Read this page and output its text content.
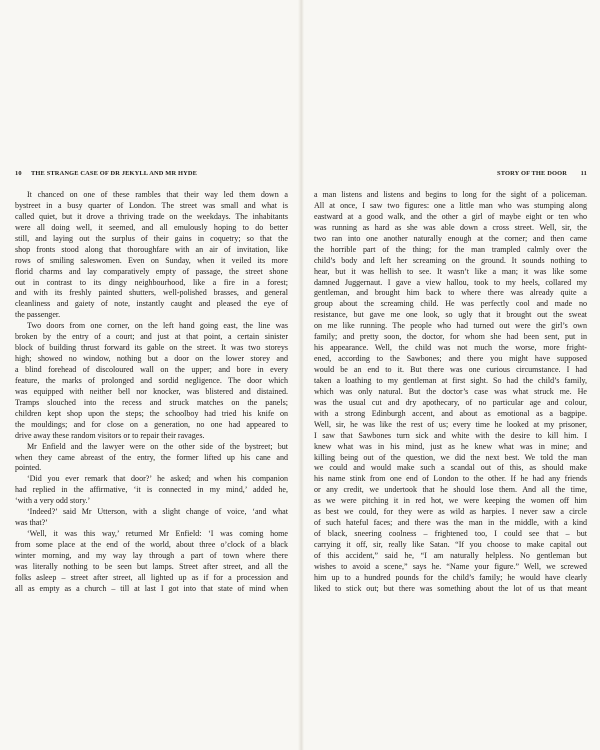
10 THE STRANGE CASE OF DR JEKYLL AND MR HYDE
It chanced on one of these rambles that their way led them down a
bystreet in a busy quarter of London. The street was small and what is
called quiet, but it drove a thriving trade on the weekdays. The inhabitants
were all doing well, it seemed, and all emulously hoping to do better
still, and laying out the surplus of their gains in coquetry; so that the
shop fronts stood along that thoroughfare with an air of invitation, like
rows of smiling saleswomen. Even on Sunday, when it veiled its more
florid charms and lay comparatively empty of passage, the street shone
out in contrast to its dingy neighbourhood, like a fire in a forest;
and with its freshly painted shutters, well-polished brasses, and general
cleanliness and gaiety of note, instantly caught and pleased the eye of
the passenger.
Two doors from one corner, on the left hand going east, the line was
broken by the entry of a court; and just at that point, a certain sinister
block of building thrust forward its gable on the street. It was two storeys
high; showed no window, nothing but a door on the lower storey and
a blind forehead of discoloured wall on the upper; and bore in every
feature, the marks of prolonged and sordid negligence. The door which
was equipped with neither bell nor knocker, was blistered and distained.
Tramps slouched into the recess and struck matches on the panels;
children kept shop upon the steps; the schoolboy had tried his knife on
the mouldings; and for close on a generation, no one had appeared to
drive away these random visitors or to repair their ravages.
Mr Enfield and the lawyer were on the other side of the bystreet; but
when they came abreast of the entry, the former lifted up his cane and
pointed.
‘Did you ever remark that door?’ he asked; and when his companion
had replied in the affirmative, ‘it is connected in my mind,’ added he,
‘with a very odd story.’
‘Indeed?’ said Mr Utterson, with a slight change of voice, ‘and what
was that?’
‘Well, it was this way,’ returned Mr Enfield: ‘I was coming home
from some place at the end of the world, about three o’clock of a black
winter morning, and my way lay through a part of town where there
was literally nothing to be seen but lamps. Street after street, and all the
folks asleep – street after street, all lighted up as if for a procession and
all as empty as a church – till at last I got into that state of mind when
STORY OF THE DOOR 11
a man listens and listens and begins to long for the sight of a policeman.
All at once, I saw two figures: one a little man who was stumping along
eastward at a good walk, and the other a girl of maybe eight or ten who
was running as hard as she was able down a cross street. Well, sir, the
two ran into one another naturally enough at the corner; and then came
the horrible part of the thing; for the man trampled calmly over the
child’s body and left her screaming on the ground. It sounds nothing to
hear, but it was hellish to see. It wasn’t like a man; it was like some
damned Juggernaut. I gave a view hallou, took to my heels, collared my
gentleman, and brought him back to where there was already quite a
group about the screaming child. He was perfectly cool and made no
resistance, but gave me one look, so ugly that it brought out the sweat
on me like running. The people who had turned out were the girl’s own
family; and pretty soon, the doctor, for whom she had been sent, put in
his appearance. Well, the child was not much the worse, more fright-
ened, according to the Sawbones; and there you might have supposed
would be an end to it. But there was one curious circumstance. I had
taken a loathing to my gentleman at first sight. So had the child’s family,
which was only natural. But the doctor’s case was what struck me. He
was the usual cut and dry apothecary, of no particular age and colour,
with a strong Edinburgh accent, and about as emotional as a bagpipe.
Well, sir, he was like the rest of us; every time he looked at my prisoner,
I saw that Sawbones turn sick and white with the desire to kill him. I
knew what was in his mind, just as he knew what was in mine; and
killing being out of the question, we did the next best. We told the man
we could and would make such a scandal out of this, as should make
his name stink from one end of London to the other. If he had any friends
or any credit, we undertook that he should lose them. And all the time,
as we were pitching it in red hot, we were keeping the women off him
as best we could, for they were as wild as harpies. I never saw a circle
of such hateful faces; and there was the man in the middle, with a kind
of black, sneering coolness – frightened too, I could see that – but
carrying it off, sir, really like Satan. “If you choose to make capital out
of this accident,” said he, “I am naturally helpless. No gentleman but
wishes to avoid a scene,” says he. “Name your figure.” Well, we screwed
him up to a hundred pounds for the child’s family; he would have clearly
liked to stick out; but there was something about the lot of us that meant
